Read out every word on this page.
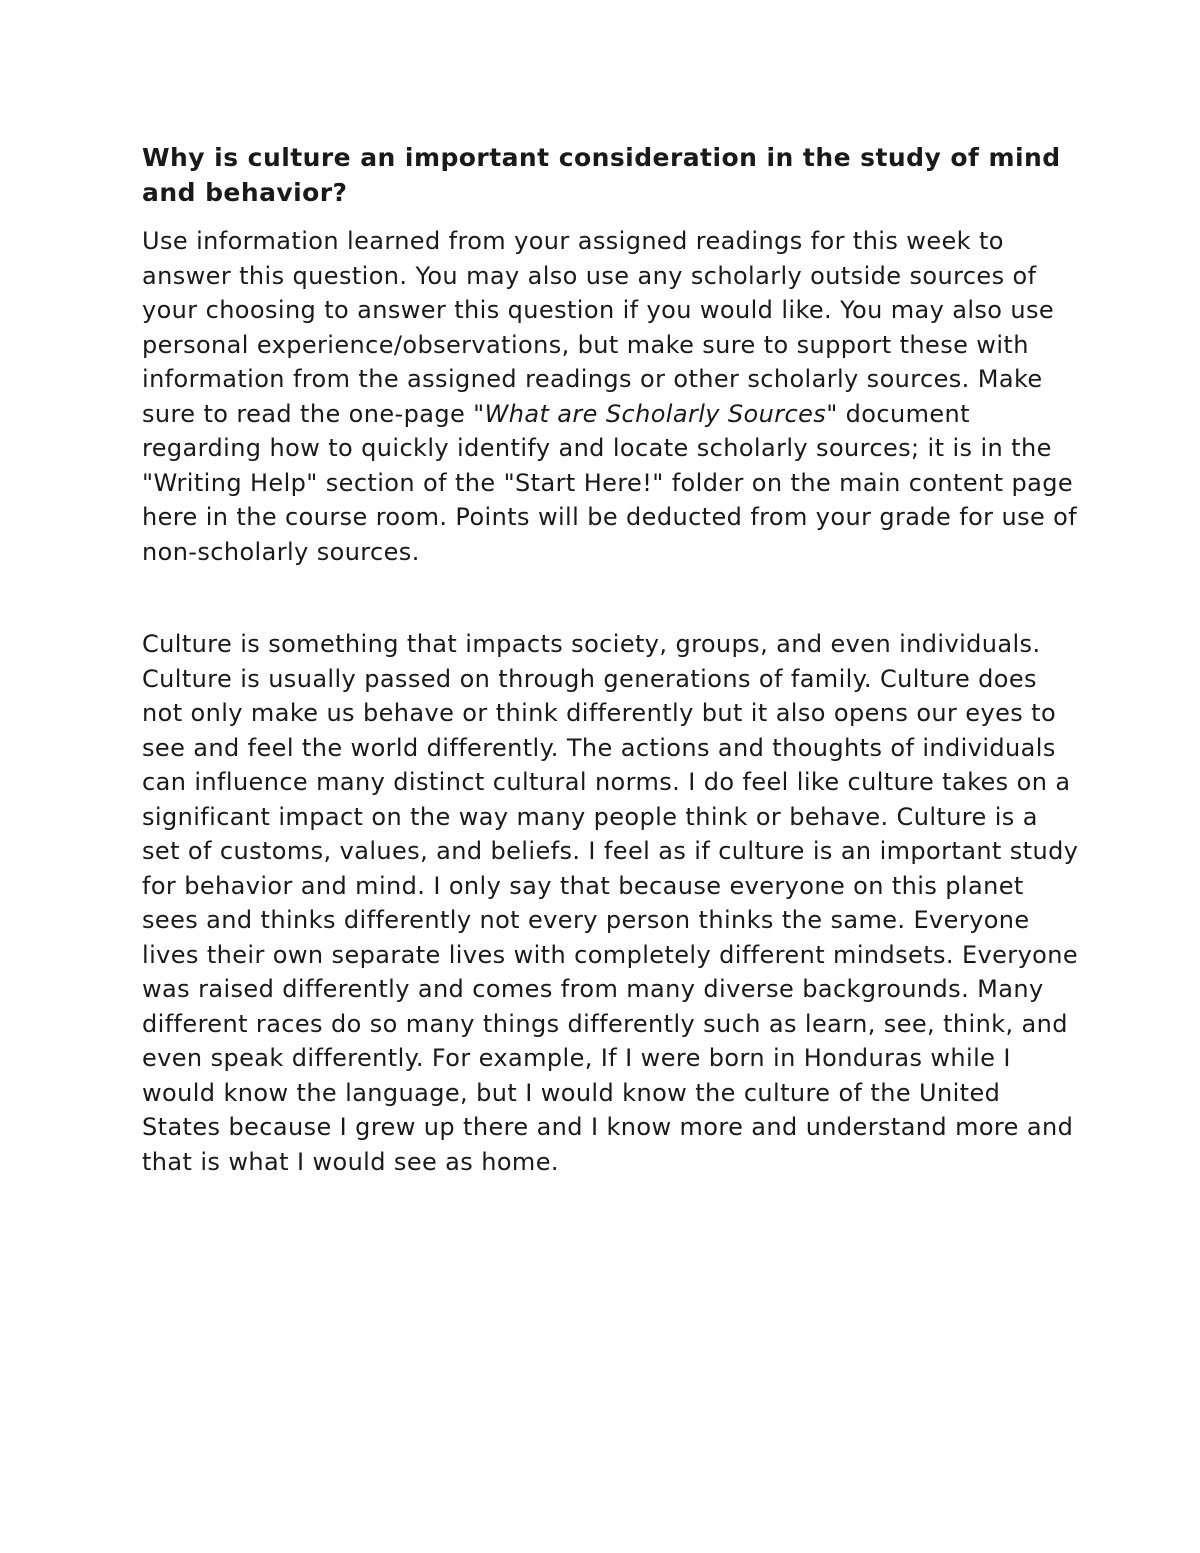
Why is culture an important consideration in the study of mind and behavior?

Use information learned from your assigned readings for this week to answer this question. You may also use any scholarly outside sources of your choosing to answer this question if you would like. You may also use personal experience/observations, but make sure to support these with information from the assigned readings or other scholarly sources. Make sure to read the one-page "What are Scholarly Sources" document regarding how to quickly identify and locate scholarly sources; it is in the "Writing Help" section of the "Start Here!" folder on the main content page here in the course room. Points will be deducted from your grade for use of non-scholarly sources.

Culture is something that impacts society, groups, and even individuals. Culture is usually passed on through generations of family. Culture does not only make us behave or think differently but it also opens our eyes to see and feel the world differently. The actions and thoughts of individuals can influence many distinct cultural norms. I do feel like culture takes on a significant impact on the way many people think or behave. Culture is a set of customs, values, and beliefs. I feel as if culture is an important study for behavior and mind. I only say that because everyone on this planet sees and thinks differently not every person thinks the same. Everyone lives their own separate lives with completely different mindsets. Everyone was raised differently and comes from many diverse backgrounds. Many different races do so many things differently such as learn, see, think, and even speak differently. For example, If I were born in Honduras while I would know the language, but I would know the culture of the United States because I grew up there and I know more and understand more and that is what I would see as home.
